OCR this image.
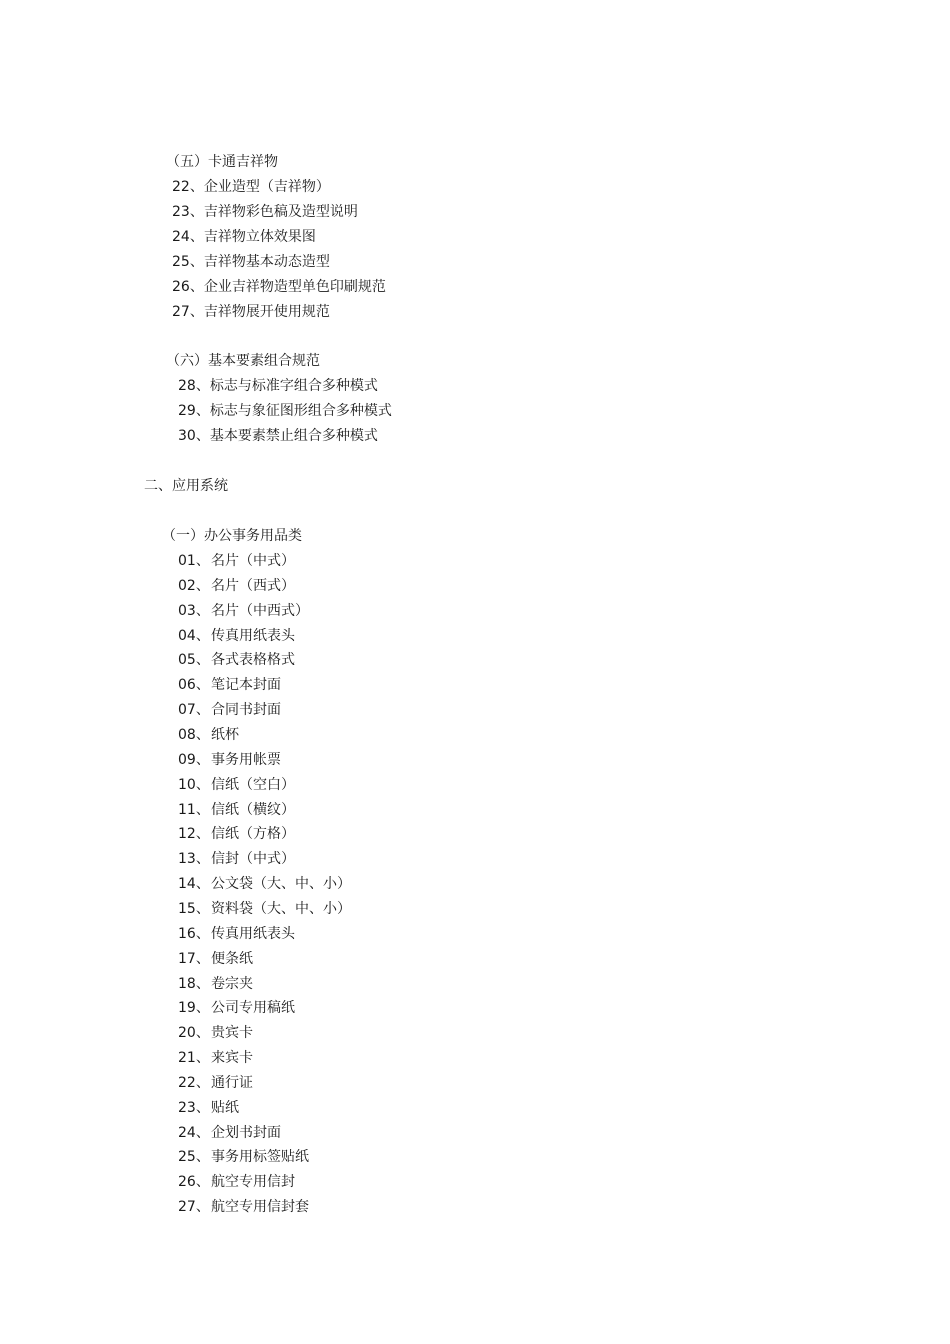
（五）卡通吉祥物
22、企业造型（吉祥物）
23、吉祥物彩色稿及造型说明
24、吉祥物立体效果图
25、吉祥物基本动态造型
26、企业吉祥物造型单色印刷规范
27、吉祥物展开使用规范
（六）基本要素组合规范
28、标志与标准字组合多种模式
29、标志与象征图形组合多种模式
30、基本要素禁止组合多种模式
二、应用系统
（一）办公事务用品类
01、名片（中式）
02、名片（西式）
03、名片（中西式）
04、传真用纸表头
05、各式表格格式
06、笔记本封面
07、合同书封面
08、纸杯
09、事务用帐票
10、信纸（空白）
11、信纸（横纹）
12、信纸（方格）
13、信封（中式）
14、公文袋（大、中、小）
15、资料袋（大、中、小）
16、传真用纸表头
17、便条纸
18、卷宗夹
19、公司专用稿纸
20、贵宾卡
21、来宾卡
22、通行证
23、贴纸
24、企划书封面
25、事务用标签贴纸
26、航空专用信封
27、航空专用信封套
